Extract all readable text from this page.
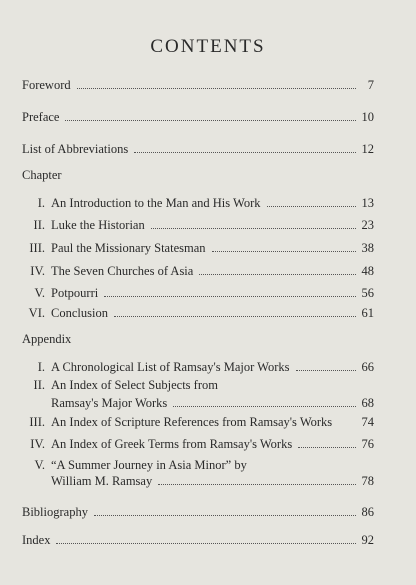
CONTENTS
Foreword	7
Preface	10
List of Abbreviations	12
Chapter
I. An Introduction to the Man and His Work	13
II. Luke the Historian	23
III. Paul the Missionary Statesman	38
IV. The Seven Churches of Asia	48
V. Potpourri	56
VI. Conclusion	61
Appendix
I. A Chronological List of Ramsay's Major Works	66
II. An Index of Select Subjects from
Ramsay's Major Works	68
III. An Index of Scripture References from Ramsay's Works 74
IV. An Index of Greek Terms from Ramsay's Works	76
V. “A Summer Journey in Asia Minor” by
William M. Ramsay	78
Bibliography	86
Index	92
